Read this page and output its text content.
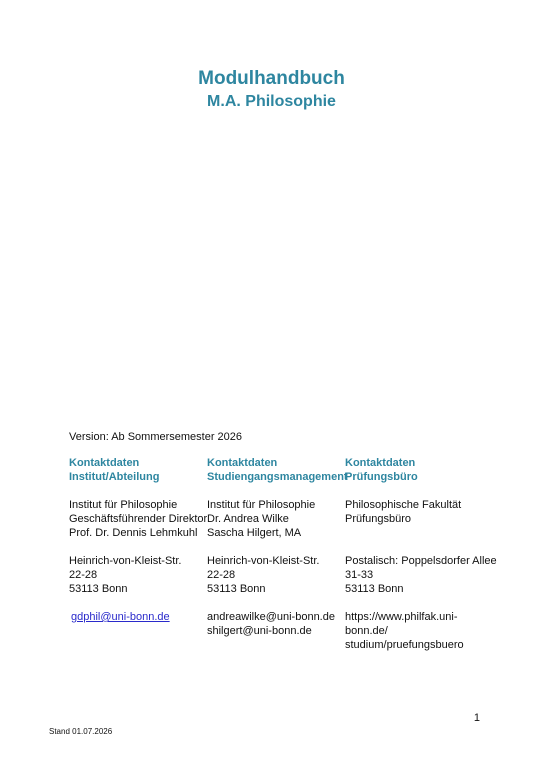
Modulhandbuch
M.A. Philosophie
Version: Ab Sommersemester 2026

Kontaktdaten

Institut/Abteilung

Institut für Philosophie

Geschäftsführender Direktor

Prof. Dr. Dennis Lehmkuhl

Heinrich-von-Kleist-Str.

22-28

53113 Bonn

gdphil@uni-bonn.de

Kontaktdaten

Studiengangsmanagement

Institut für Philosophie

Dr. Andrea Wilke

Sascha Hilgert, MA

Heinrich-von-Kleist-Str.

22-28

53113 Bonn

andreawilke@uni-bonn.de

shilgert@uni-bonn.de

Kontaktdaten

Prüfungsbüro

Philosophische Fakultät

Prüfungsbüro

Postalisch: Poppelsdorfer Allee

31-33

53113 Bonn

https://www.philfak.uni-

bonn.de/

studium/pruefungsbuero

1
Stand 01.07.2026
